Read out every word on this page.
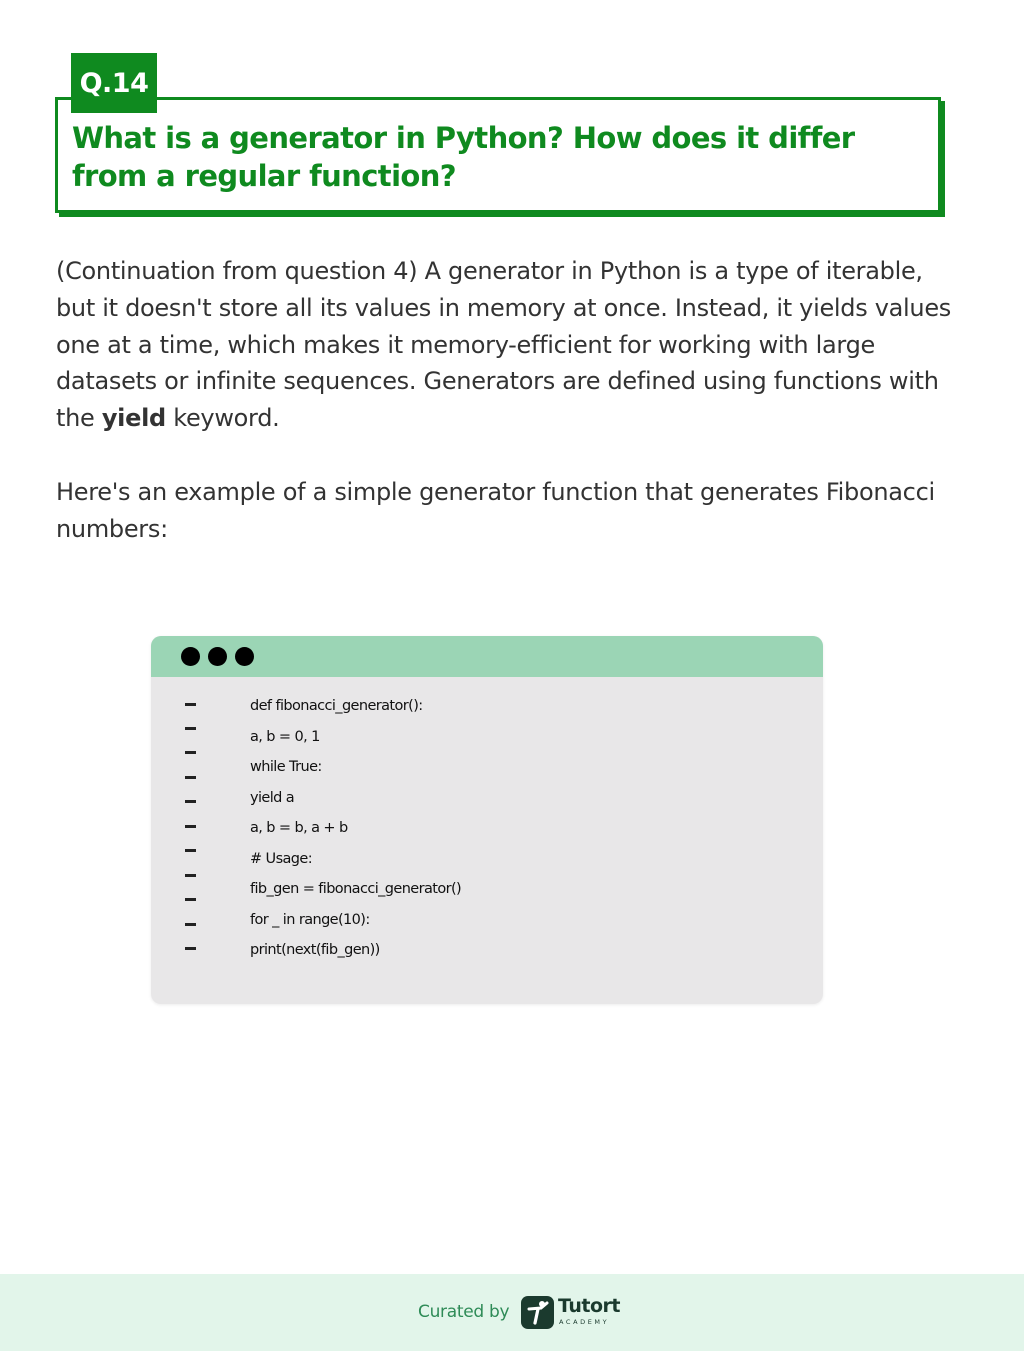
What is a generator in Python? How does it differ from a regular function?
Q.14

(Continuation from question 4) A generator in Python is a type of iterable, but it doesn't store all its values in memory at once. Instead, it yields values one at a time, which makes it memory-efficient for working with large datasets or infinite sequences. Generators are defined using functions with the yield keyword.

Here's an example of a simple generator function that generates Fibonacci numbers:

def fibonacci_generator():
a, b = 0, 1
while True:
yield a
a, b = b, a + b
# Usage:
fib_gen = fibonacci_generator()
for _ in range(10):
print(next(fib_gen))
Curated by	Tutort
ACADEMY
